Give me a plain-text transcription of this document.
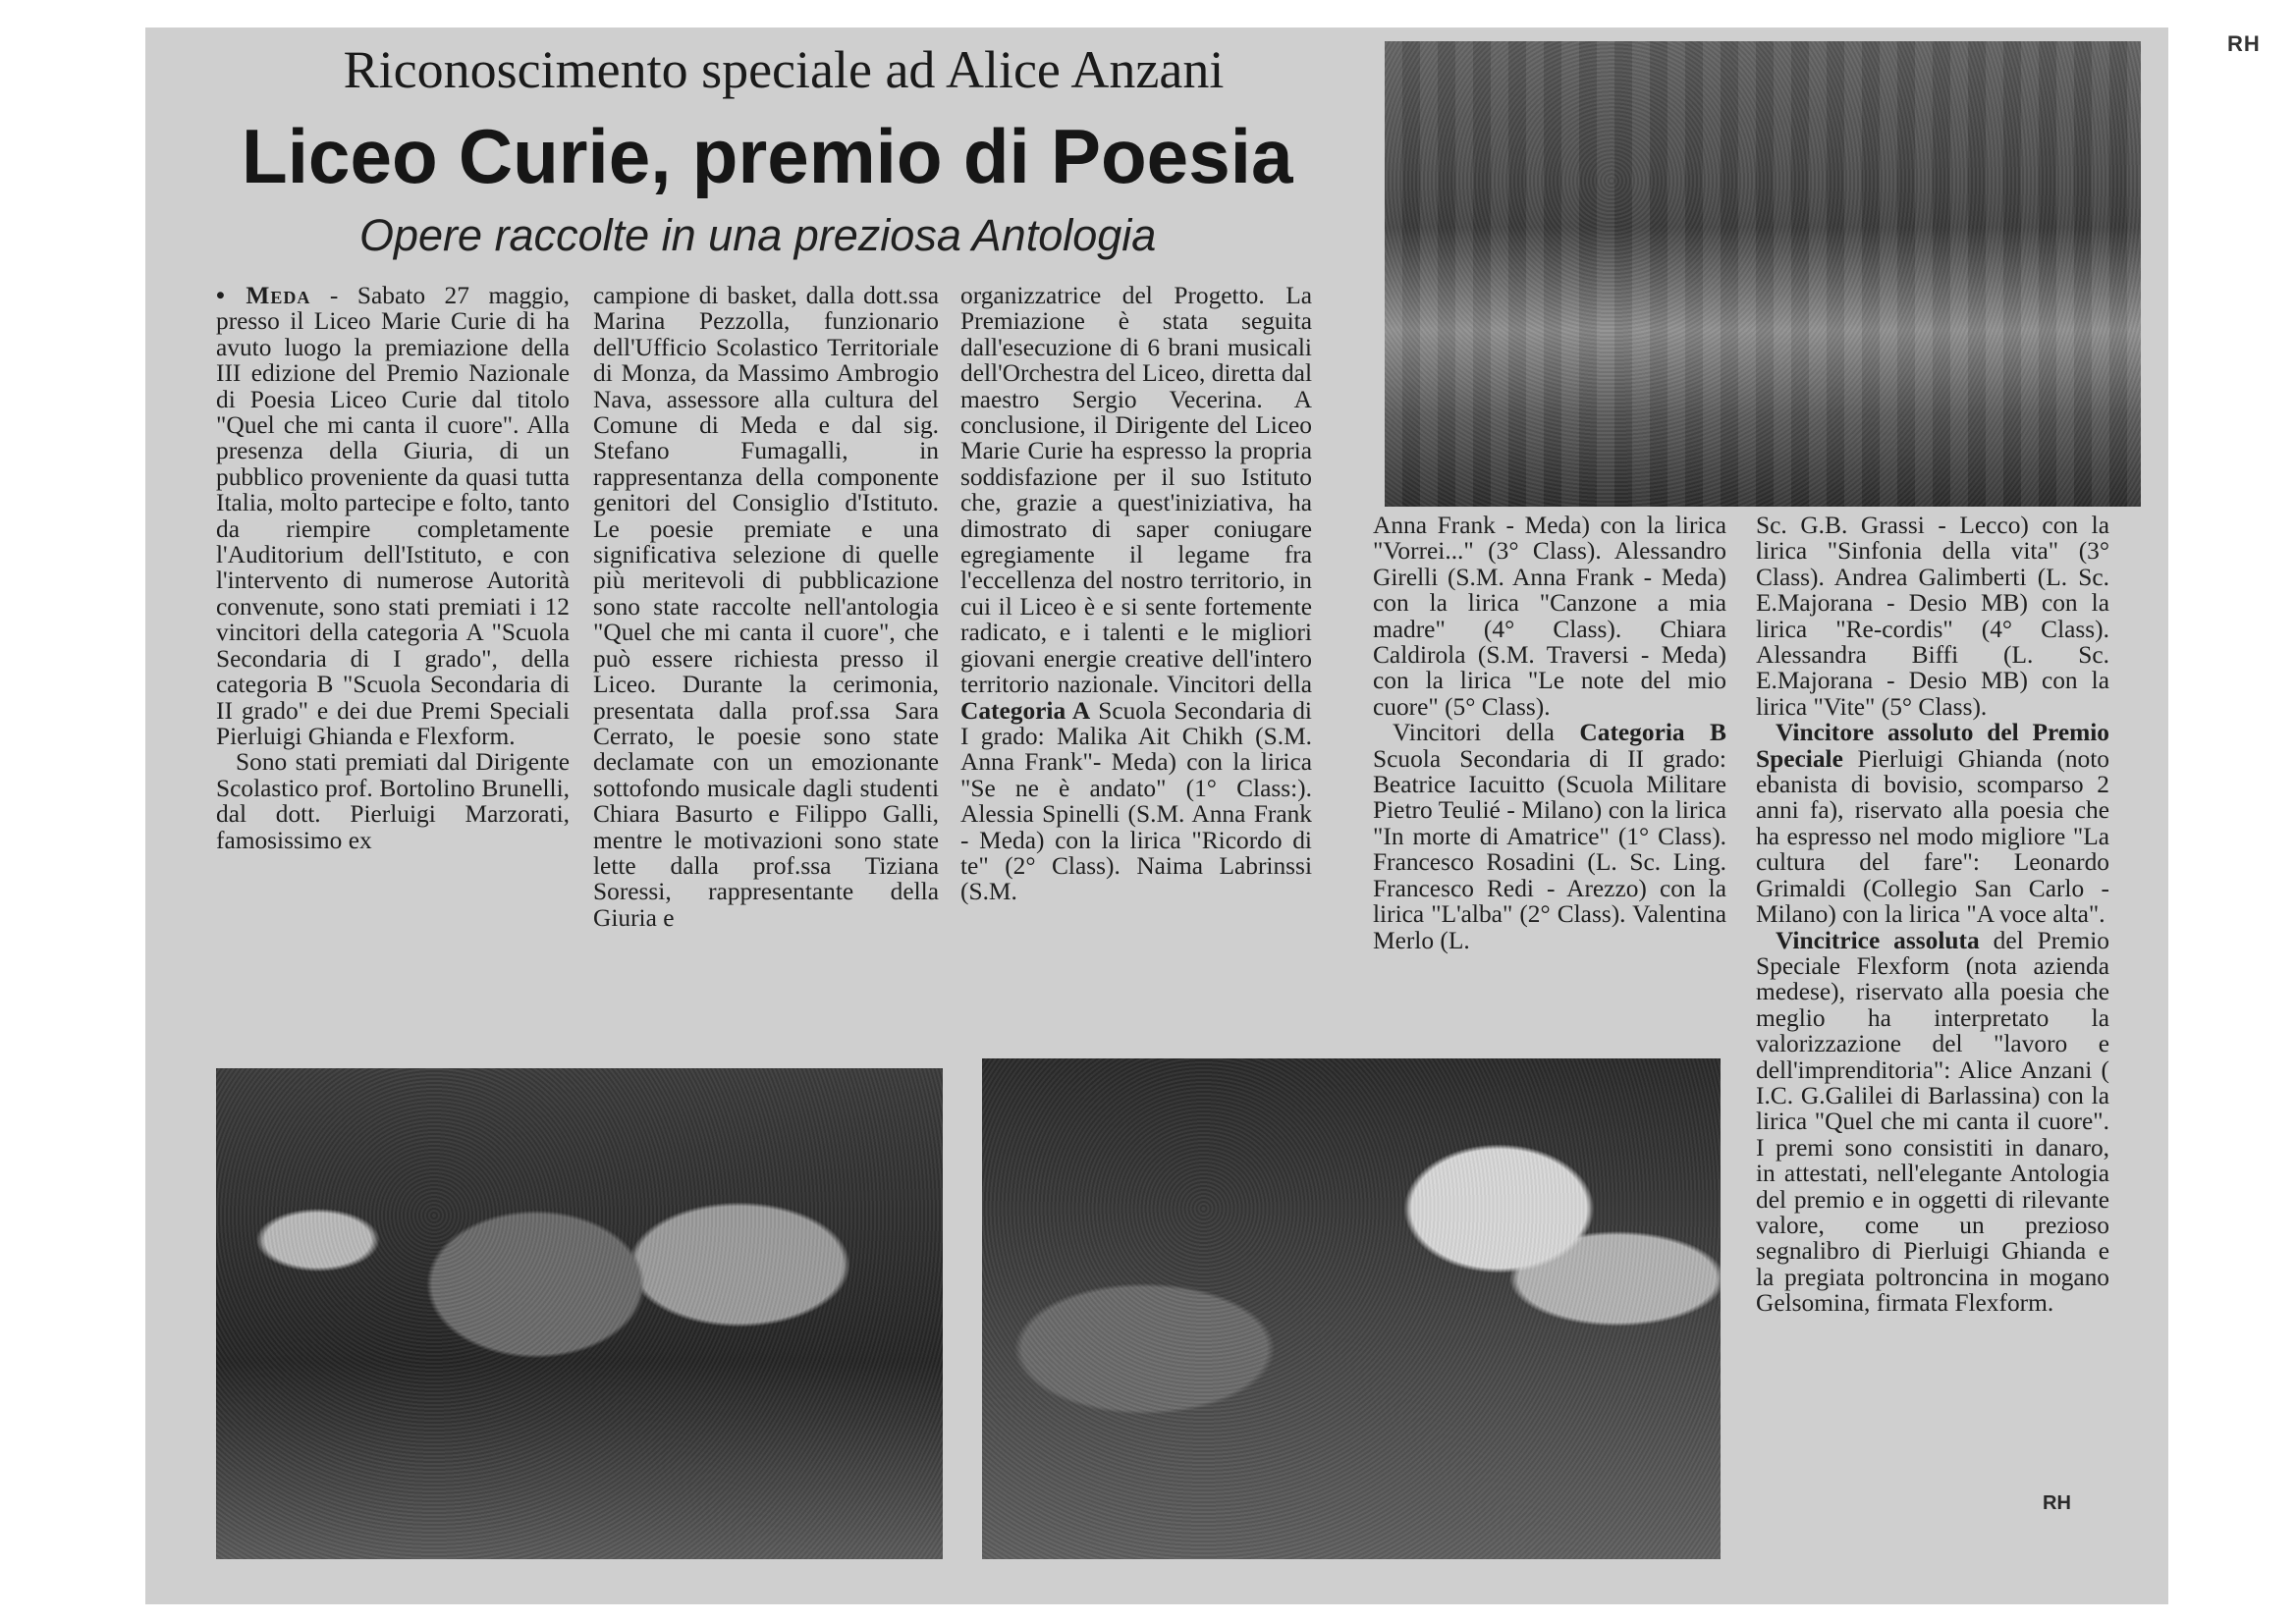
RH
Riconoscimento speciale ad Alice Anzani
Liceo Curie, premio di Poesia
Opere raccolte in una preziosa Antologia

• Meda - Sabato 27 maggio, presso il Liceo Marie Curie di ha avuto luogo la premiazione della III edizione del Premio Nazionale di Poesia Liceo Curie dal titolo "Quel che mi canta il cuore". Alla presenza della Giuria, di un pubblico proveniente da quasi tutta Italia, molto partecipe e folto, tanto da riempire completamente l'Auditorium dell'Istituto, e con l'intervento di numerose Autorità convenute, sono stati premiati i 12 vincitori della categoria A "Scuola Secondaria di I grado", della categoria B "Scuola Secondaria di II grado" e dei due Premi Speciali Pierluigi Ghianda e Flexform.

Sono stati premiati dal Dirigente Scolastico prof. Bortolino Brunelli, dal dott. Pierluigi Marzorati, famosissimo ex

campione di basket, dalla dott.ssa Marina Pezzolla, funzionario dell'Ufficio Scolastico Territoriale di Monza, da Massimo Ambrogio Nava, assessore alla cultura del Comune di Meda e dal sig. Stefano Fumagalli, in rappresentanza della componente genitori del Consiglio d'Istituto. Le poesie premiate e una significativa selezione di quelle più meritevoli di pubblicazione sono state raccolte nell'antologia "Quel che mi canta il cuore", che può essere richiesta presso il Liceo. Durante la cerimonia, presentata dalla prof.ssa Sara Cerrato, le poesie sono state declamate con un emozionante sottofondo musicale dagli studenti Chiara Basurto e Filippo Galli, mentre le motivazioni sono state lette dalla prof.ssa Tiziana Soressi, rappresentante della Giuria e

organizzatrice del Progetto. La Premiazione è stata seguita dall'esecuzione di 6 brani musicali dell'Orchestra del Liceo, diretta dal maestro Sergio Vecerina. A conclusione, il Dirigente del Liceo Marie Curie ha espresso la propria soddisfazione per il suo Istituto che, grazie a quest'iniziativa, ha dimostrato di saper coniugare egregiamente il legame fra l'eccellenza del nostro territorio, in cui il Liceo è e si sente fortemente radicato, e i talenti e le migliori giovani energie creative dell'intero territorio nazionale. Vincitori della Categoria A Scuola Secondaria di I grado: Malika Ait Chikh (S.M. Anna Frank"- Meda) con la lirica "Se ne è andato" (1° Class:). Alessia Spinelli (S.M. Anna Frank - Meda) con la lirica "Ricordo di te" (2° Class). Naima Labrinssi (S.M.

Anna Frank - Meda) con la lirica "Vorrei..." (3° Class). Alessandro Girelli (S.M. Anna Frank - Meda) con la lirica "Canzone a mia madre" (4° Class). Chiara Caldirola (S.M. Traversi - Meda) con la lirica "Le note del mio cuore" (5° Class).

Vincitori della Categoria B Scuola Secondaria di II grado: Beatrice Iacuitto (Scuola Militare Pietro Teulié - Milano) con la lirica "In morte di Amatrice" (1° Class). Francesco Rosadini (L. Sc. Ling. Francesco Redi - Arezzo) con la lirica "L'alba" (2° Class). Valentina Merlo (L.

Sc. G.B. Grassi - Lecco) con la lirica "Sinfonia della vita" (3° Class). Andrea Galimberti (L. Sc. E.Majorana - Desio MB) con la lirica "Re-cordis" (4° Class). Alessandra Biffi (L. Sc. E.Majorana - Desio MB) con la lirica "Vite" (5° Class).

Vincitore assoluto del Premio Speciale Pierluigi Ghianda (noto ebanista di bovisio, scomparso 2 anni fa), riservato alla poesia che ha espresso nel modo migliore "La cultura del fare": Leonardo Grimaldi (Collegio San Carlo - Milano) con la lirica "A voce alta".

Vincitrice assoluta del Premio Speciale Flexform (nota azienda medese), riservato alla poesia che meglio ha interpretato la valorizzazione del "lavoro e dell'imprenditoria": Alice Anzani ( I.C. G.Galilei di Barlassina) con la lirica "Quel che mi canta il cuore". I premi sono consistiti in danaro, in attestati, nell'elegante Antologia del premio e in oggetti di rilevante valore, come un prezioso segnalibro di Pierluigi Ghianda e la pregiata poltroncina in mogano Gelsomina, firmata Flexform.

RH
